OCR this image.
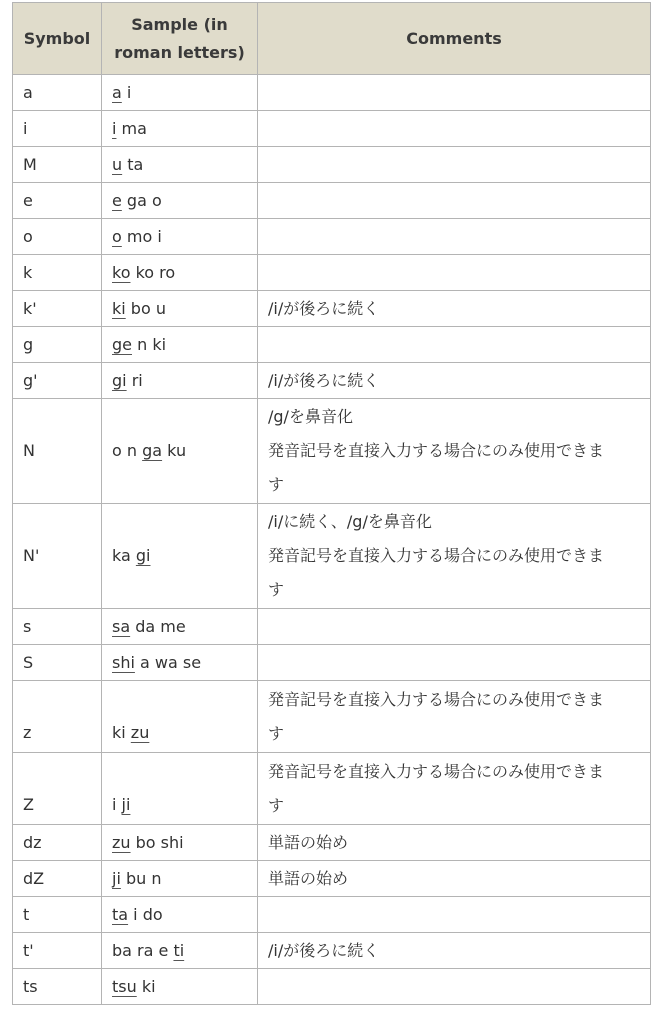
Symbol	Sample (in roman letters)	Comments
a	a i	
i	i ma	
M	u ta	
e	e ga o	
o	o mo i	
k	ko ko ro	
k'	ki bo u	/i/が後ろに続く
g	ge n ki	
g'	gi ri	/i/が後ろに続く
N	o n ga ku	/g/を鼻音化
発音記号を直接入力する場合にのみ使用できま
す
N'	ka gi	/i/に続く、/g/を鼻音化
発音記号を直接入力する場合にのみ使用できま
す
s	sa da me	
S	shi a wa se	
z	ki zu	発音記号を直接入力する場合にのみ使用できま
す
Z	i ji	発音記号を直接入力する場合にのみ使用できま
す
dz	zu bo shi	単語の始め
dZ	ji bu n	単語の始め
t	ta i do	
t'	ba ra e ti	/i/が後ろに続く
ts	tsu ki	
